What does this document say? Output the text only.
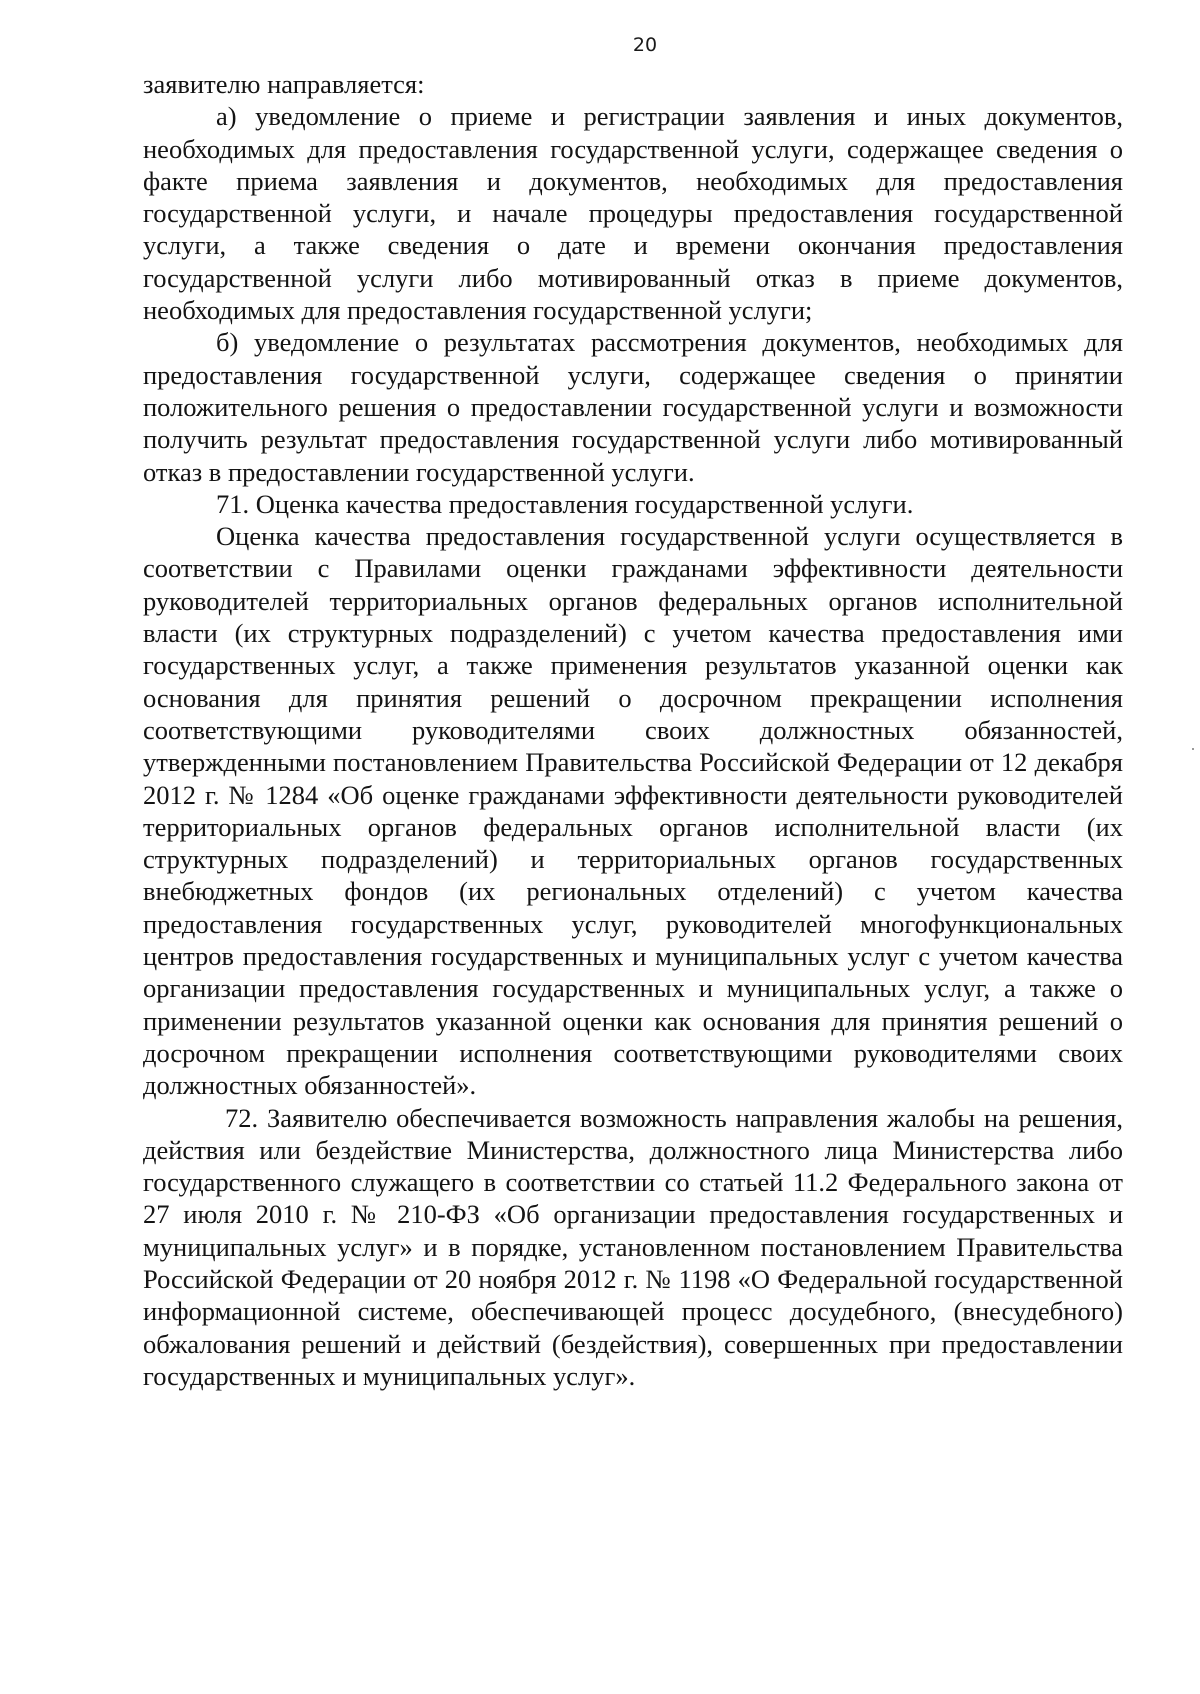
20

заявителю направляется:

а) уведомление о приеме и регистрации заявления и иных документов, необходимых для предоставления государственной услуги, содержащее сведения о факте приема заявления и документов, необходимых для предоставления государственной услуги, и начале процедуры предоставления государственной услуги, а также сведения о дате и времени окончания предоставления государственной услуги либо мотивированный отказ в приеме документов, необходимых для предоставления государственной услуги;

б) уведомление о результатах рассмотрения документов, необходимых для предоставления государственной услуги, содержащее сведения о принятии положительного решения о предоставлении государственной услуги и возможности получить результат предоставления государственной услуги либо мотивированный отказ в предоставлении государственной услуги.

71. Оценка качества предоставления государственной услуги.

Оценка качества предоставления государственной услуги осуществляется в соответствии с Правилами оценки гражданами эффективности деятельности руководителей территориальных органов федеральных органов исполнительной власти (их структурных подразделений) с учетом качества предоставления ими государственных услуг, а также применения результатов указанной оценки как основания для принятия решений о досрочном прекращении исполнения соответствующими руководителями своих должностных обязанностей, утвержденными постановлением Правительства Российской Федерации от 12 декабря 2012 г. № 1284 «Об оценке гражданами эффективности деятельности руководителей территориальных органов федеральных органов исполнительной власти (их структурных подразделений) и территориальных органов государственных внебюджетных фондов (их региональных отделений) с учетом качества предоставления государственных услуг, руководителей многофункциональных центров предоставления государственных и муниципальных услуг с учетом качества организации предоставления государственных и муниципальных услуг, а также о применении результатов указанной оценки как основания для принятия решений о досрочном прекращении исполнения соответствующими руководителями своих должностных обязанностей».

72. Заявителю обеспечивается возможность направления жалобы на решения, действия или бездействие Министерства, должностного лица Министерства либо государственного служащего в соответствии со статьей 11.2 Федерального закона от 27 июля 2010 г. № 210-ФЗ «Об организации предоставления государственных и муниципальных услуг» и в порядке, установленном постановлением Правительства Российской Федерации от 20 ноября 2012 г. № 1198 «О Федеральной государственной информационной системе, обеспечивающей процесс досудебного, (внесудебного) обжалования решений и действий (бездействия), совершенных при предоставлении государственных и муниципальных услуг».
